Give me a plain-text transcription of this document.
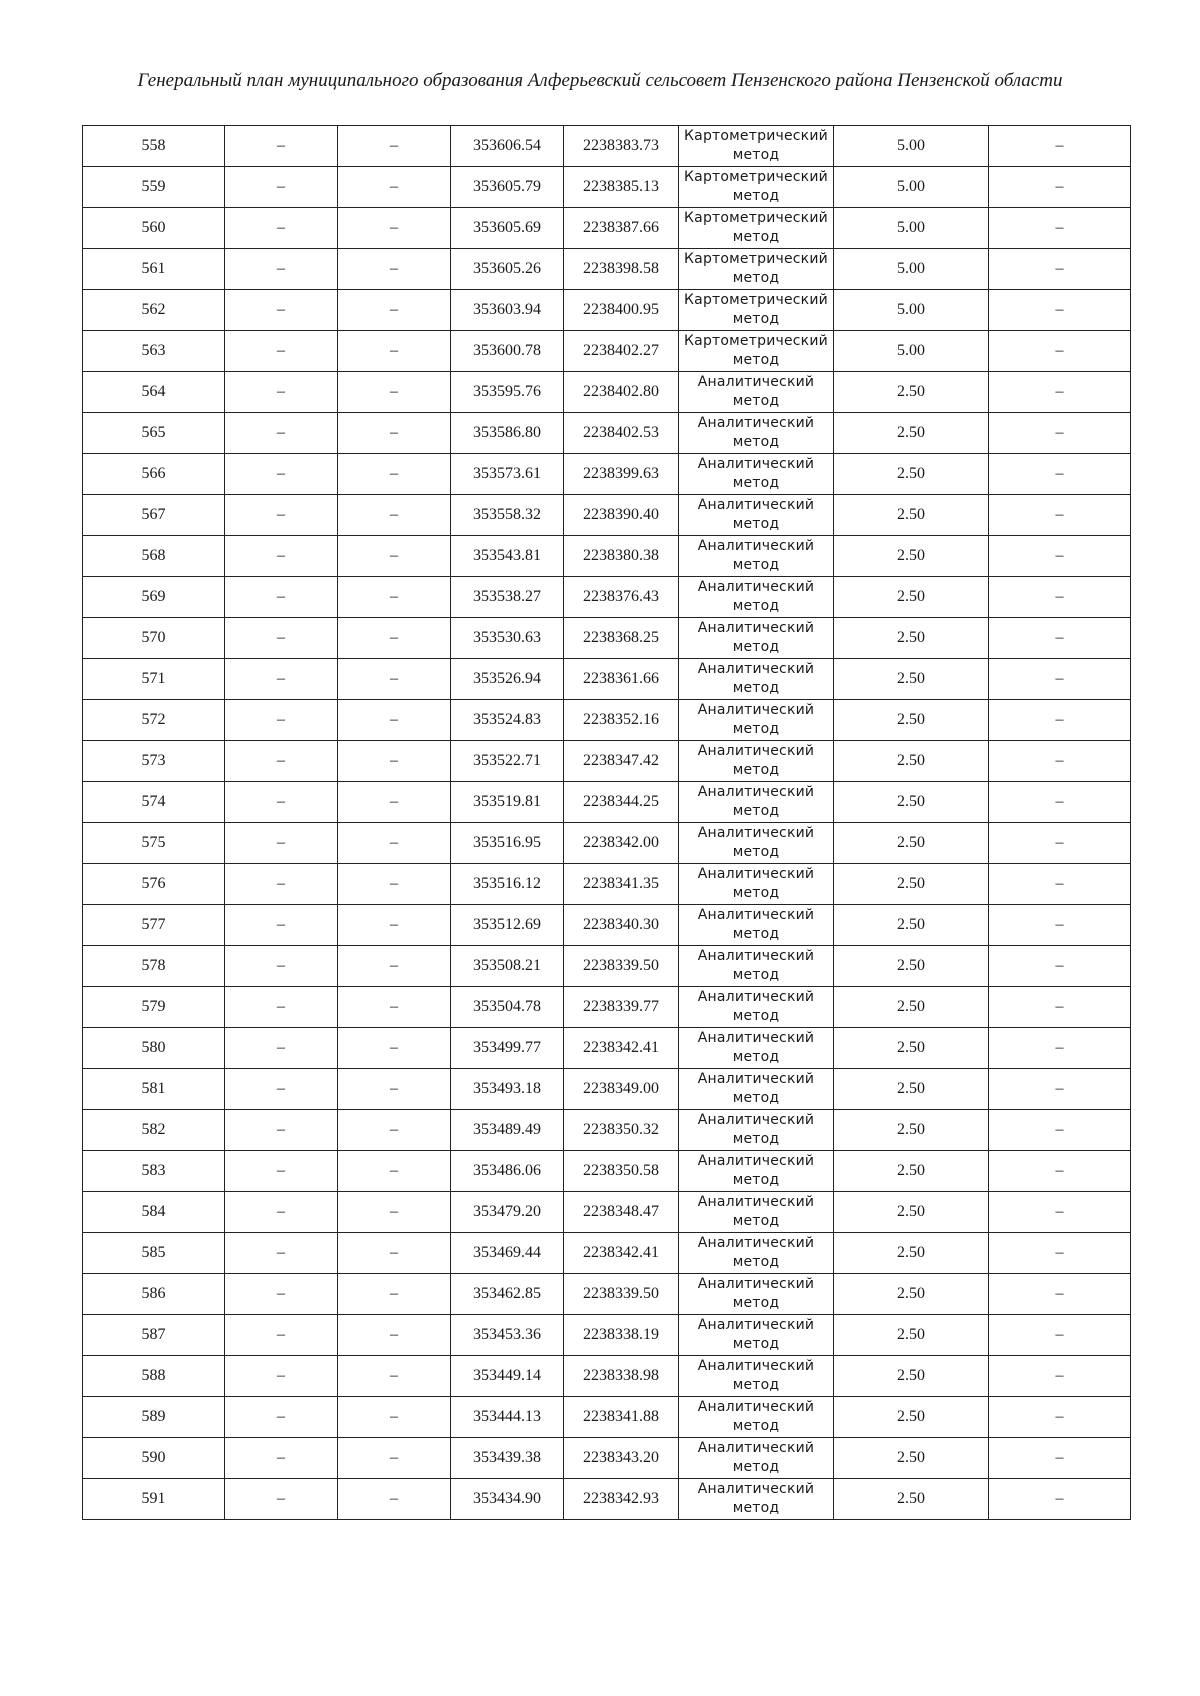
Генеральный план муниципального образования Алферьевский сельсовет Пензенского района Пензенской области
558	–	–	353606.54	2238383.73	Картометрический метод	5.00	–
559	–	–	353605.79	2238385.13	Картометрический метод	5.00	–
560	–	–	353605.69	2238387.66	Картометрический метод	5.00	–
561	–	–	353605.26	2238398.58	Картометрический метод	5.00	–
562	–	–	353603.94	2238400.95	Картометрический метод	5.00	–
563	–	–	353600.78	2238402.27	Картометрический метод	5.00	–
564	–	–	353595.76	2238402.80	Аналитический метод	2.50	–
565	–	–	353586.80	2238402.53	Аналитический метод	2.50	–
566	–	–	353573.61	2238399.63	Аналитический метод	2.50	–
567	–	–	353558.32	2238390.40	Аналитический метод	2.50	–
568	–	–	353543.81	2238380.38	Аналитический метод	2.50	–
569	–	–	353538.27	2238376.43	Аналитический метод	2.50	–
570	–	–	353530.63	2238368.25	Аналитический метод	2.50	–
571	–	–	353526.94	2238361.66	Аналитический метод	2.50	–
572	–	–	353524.83	2238352.16	Аналитический метод	2.50	–
573	–	–	353522.71	2238347.42	Аналитический метод	2.50	–
574	–	–	353519.81	2238344.25	Аналитический метод	2.50	–
575	–	–	353516.95	2238342.00	Аналитический метод	2.50	–
576	–	–	353516.12	2238341.35	Аналитический метод	2.50	–
577	–	–	353512.69	2238340.30	Аналитический метод	2.50	–
578	–	–	353508.21	2238339.50	Аналитический метод	2.50	–
579	–	–	353504.78	2238339.77	Аналитический метод	2.50	–
580	–	–	353499.77	2238342.41	Аналитический метод	2.50	–
581	–	–	353493.18	2238349.00	Аналитический метод	2.50	–
582	–	–	353489.49	2238350.32	Аналитический метод	2.50	–
583	–	–	353486.06	2238350.58	Аналитический метод	2.50	–
584	–	–	353479.20	2238348.47	Аналитический метод	2.50	–
585	–	–	353469.44	2238342.41	Аналитический метод	2.50	–
586	–	–	353462.85	2238339.50	Аналитический метод	2.50	–
587	–	–	353453.36	2238338.19	Аналитический метод	2.50	–
588	–	–	353449.14	2238338.98	Аналитический метод	2.50	–
589	–	–	353444.13	2238341.88	Аналитический метод	2.50	–
590	–	–	353439.38	2238343.20	Аналитический метод	2.50	–
591	–	–	353434.90	2238342.93	Аналитический метод	2.50	–
